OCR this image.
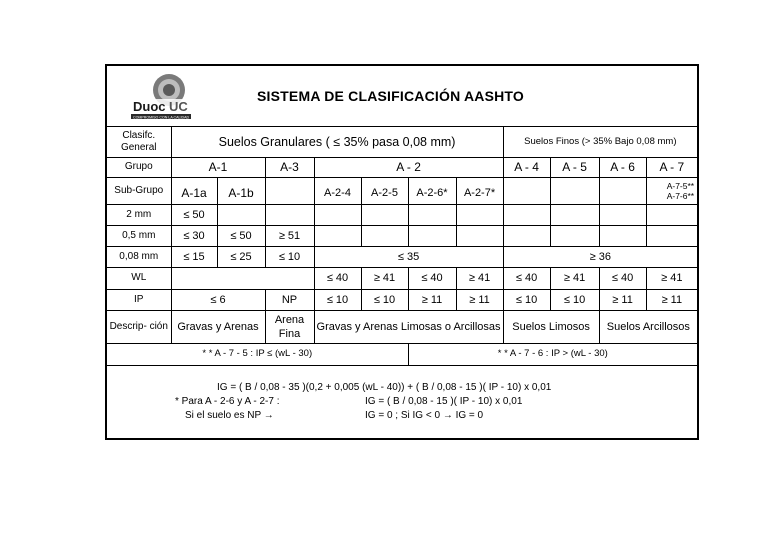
Duoc UC
COMPROMISO CON LA CALIDAD
SISTEMA DE CLASIFICACIÓN AASHTO
Clasifc. General	Suelos Granulares ( ≤ 35% pasa 0,08 mm)							Suelos Finos (> 35% Bajo 0,08 mm)			
Grupo	A-1		A-3	A - 2				A - 4	A - 5	A - 6	A - 7
Sub-Grupo	A-1a	A-1b		A-2-4	A-2-5	A-2-6*	A-2-7*				A-7-5**
A-7-6**

2 mm	≤ 50										
0,5 mm	≤ 30	≤ 50	≥ 51								
0,08 mm	≤ 15	≤ 25	≤ 10	≤ 35				≥ 36			
WL				≤ 40	≥ 41	≤ 40	≥ 41	≤ 40	≥ 41	≤ 40	≥ 41
IP	≤ 6		NP	≤ 10	≤ 10	≥ 11	≥ 11	≤ 10	≤ 10	≥ 11	≥ 11
Descrip- ción	Gravas y Arenas		Arena Fina	Gravas y Arenas Limosas o Arcillosas				Suelos Limosos		Suelos Arcillosos	
* * A - 7 - 5 : IP ≤ (wL - 30)						* * A - 7 - 6 : IP > (wL - 30)					
IG = ( B / 0,08 - 35 )(0,2 + 0,005 (wL - 40)) + ( B / 0,08 - 15 )( IP - 10) x 0,01
* Para A - 2-6 y A - 2-7 :	IG = ( B / 0,08 - 15 )( IP - 10) x 0,01
Si el suelo es NP →	IG = 0 ; Si IG < 0 → IG = 0
